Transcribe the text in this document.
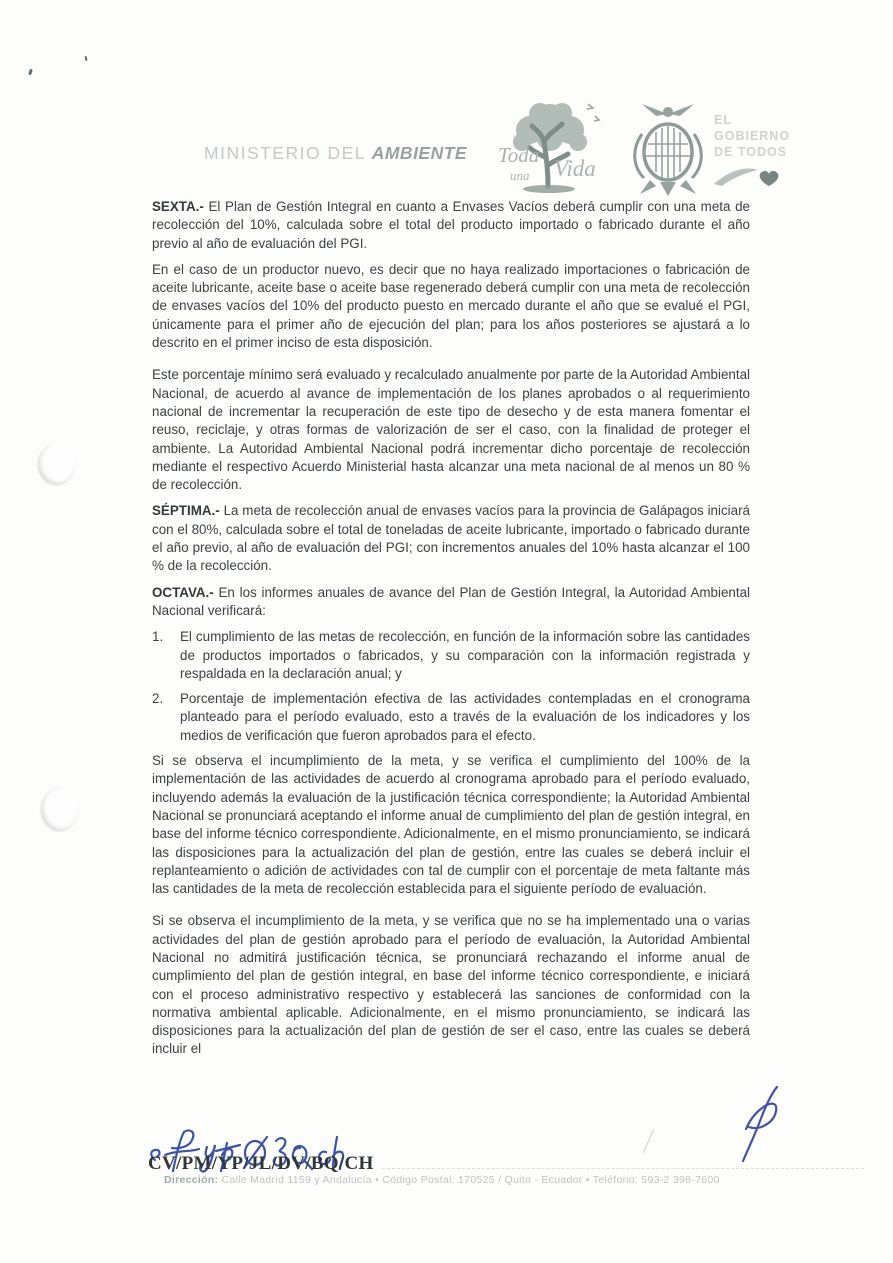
MINISTERIO DEL AMBIENTE Toda
una Vida
EL
GOBIERNO
DE TODOS

SEXTA.- El Plan de Gestión Integral en cuanto a Envases Vacíos deberá cumplir con una meta de recolección del 10%, calculada sobre el total del producto importado o fabricado durante el año previo al año de evaluación del PGI.

En el caso de un productor nuevo, es decir que no haya realizado importaciones o fabricación de aceite lubricante, aceite base o aceite base regenerado deberá cumplir con una meta de recolección de envases vacíos del 10% del producto puesto en mercado durante el año que se evalué el PGI, únicamente para el primer año de ejecución del plan; para los años posteriores se ajustará a lo descrito en el primer inciso de esta disposición.

Este porcentaje mínimo será evaluado y recalculado anualmente por parte de la Autoridad Ambiental Nacional, de acuerdo al avance de implementación de los planes aprobados o al requerimiento nacional de incrementar la recuperación de este tipo de desecho y de esta manera fomentar el reuso, reciclaje, y otras formas de valorización de ser el caso, con la finalidad de proteger el ambiente. La Autoridad Ambiental Nacional podrá incrementar dicho porcentaje de recolección mediante el respectivo Acuerdo Ministerial hasta alcanzar una meta nacional de al menos un 80 % de recolección.

SÉPTIMA.- La meta de recolección anual de envases vacíos para la provincia de Galápagos iniciará con el 80%, calculada sobre el total de toneladas de aceite lubricante, importado o fabricado durante el año previo, al año de evaluación del PGI; con incrementos anuales del 10% hasta alcanzar el 100 % de la recolección.

OCTAVA.- En los informes anuales de avance del Plan de Gestión Integral, la Autoridad Ambiental Nacional verificará:

1.	El cumplimiento de las metas de recolección, en función de la información sobre las cantidades de productos importados o fabricados, y su comparación con la información registrada y respaldada en la declaración anual; y
2.	Porcentaje de implementación efectiva de las actividades contempladas en el cronograma planteado para el período evaluado, esto a través de la evaluación de los indicadores y los medios de verificación que fueron aprobados para el efecto.

Si se observa el incumplimiento de la meta, y se verifica el cumplimiento del 100% de la implementación de las actividades de acuerdo al cronograma aprobado para el período evaluado, incluyendo además la evaluación de la justificación técnica correspondiente; la Autoridad Ambiental Nacional se pronunciará aceptando el informe anual de cumplimiento del plan de gestión integral, en base del informe técnico correspondiente. Adicionalmente, en el mismo pronunciamiento, se indicará las disposiciones para la actualización del plan de gestión, entre las cuales se deberá incluir el replanteamiento o adición de actividades con tal de cumplir con el porcentaje de meta faltante más las cantidades de la meta de recolección establecida para el siguiente período de evaluación.

Si se observa el incumplimiento de la meta, y se verifica que no se ha implementado una o varias actividades del plan de gestión aprobado para el período de evaluación, la Autoridad Ambiental Nacional no admitirá justificación técnica, se pronunciará rechazando el informe anual de cumplimiento del plan de gestión integral, en base del informe técnico correspondiente, e iniciará con el proceso administrativo respectivo y establecerá las sanciones de conformidad con la normativa ambiental aplicable. Adicionalmente, en el mismo pronunciamiento, se indicará las disposiciones para la actualización del plan de gestión de ser el caso, entre las cuales se deberá incluir el

CV/PM/YP/JL/DV/BQ/CH
Dirección: Calle Madrid 1159 y Andalucía • Código Postal: 170525 / Quito - Ecuador • Teléfono: 593-2 398-7600
